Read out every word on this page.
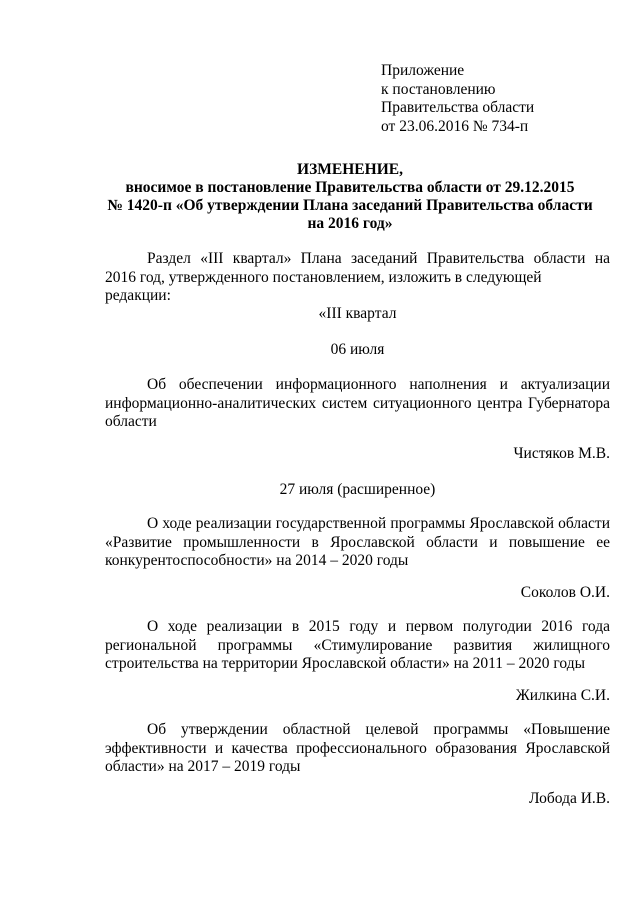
Приложение
к постановлению
Правительства области
от 23.06.2016 № 734-п
ИЗМЕНЕНИЕ,
вносимое в постановление Правительства области от 29.12.2015
№ 1420-п «Об утверждении Плана заседаний Правительства области
на 2016 год»
Раздел «III квартал» Плана заседаний Правительства области на
2016 год, утвержденного постановлением, изложить в следующей редакции:
«III квартал
06 июля
Об обеспечении информационного наполнения и актуализации
информационно-аналитических систем ситуационного центра Губернатора
области
Чистяков М.В.
27 июля (расширенное)
О ходе реализации государственной программы Ярославской области
«Развитие промышленности в Ярославской области и повышение ее
конкурентоспособности» на 2014 – 2020 годы
Соколов О.И.
О ходе реализации в 2015 году и первом полугодии 2016 года
региональной программы «Стимулирование развития жилищного
строительства на территории Ярославской области» на 2011 – 2020 годы
Жилкина С.И.
Об утверждении областной целевой программы «Повышение
эффективности и качества профессионального образования Ярославской
области» на 2017 – 2019 годы
Лобода И.В.
